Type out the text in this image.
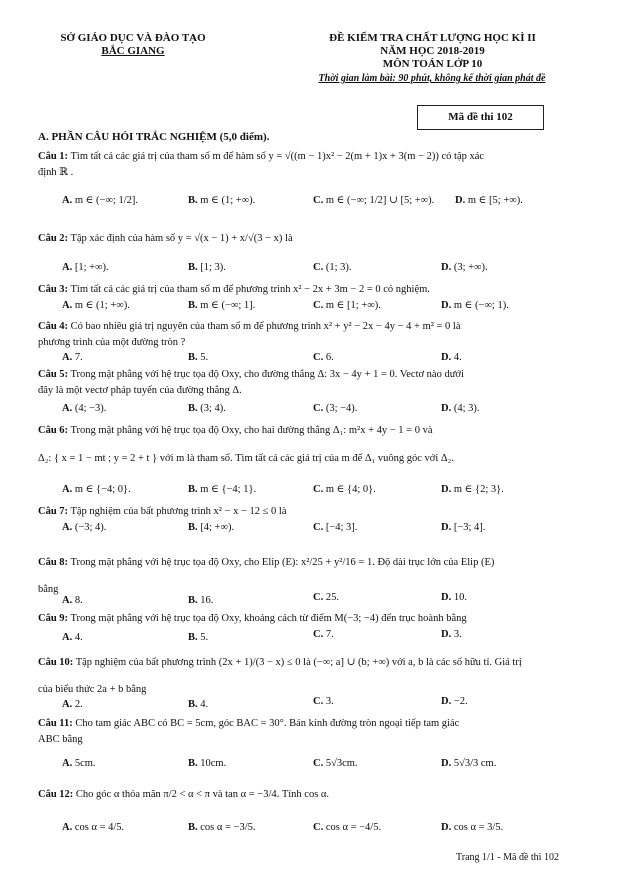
SỞ GIÁO DỤC VÀ ĐÀO TẠO
BẮC GIANG
ĐỀ KIỂM TRA CHẤT LƯỢNG HỌC KÌ II
NĂM HỌC 2018-2019
MÔN TOÁN LỚP 10
Thời gian làm bài: 90 phút, không kể thời gian phát đề
Mã đề thi 102
A. PHẦN CÂU HỎI TRẮC NGHIỆM (5,0 điểm).
Câu 1: Tìm tất cả các giá trị của tham số m để hàm số y = √((m − 1)x² − 2(m + 1)x + 3(m − 2)) có tập xác
định ℝ .
A. m ∈ (−∞; 1/2].	B. m ∈ (1; +∞).	C. m ∈ (−∞; 1/2] ∪ [5; +∞). D. m ∈ [5; +∞).
Câu 2: Tập xác định của hàm số y = √(x − 1) + x/√(3 − x) là
A. [1; +∞).	B. [1; 3).	C. (1; 3).	D. (3; +∞).
Câu 3: Tìm tất cả các giá trị của tham số m để phương trình x² − 2x + 3m − 2 = 0 có nghiệm.
A. m ∈ (1; +∞).	B. m ∈ (−∞; 1].	C. m ∈ [1; +∞).	D. m ∈ (−∞; 1).
Câu 4: Có bao nhiêu giá trị nguyên của tham số m để phương trình x² + y² − 2x − 4y − 4 + m² = 0 là
phương trình của một đường tròn ?
A. 7.	B. 5.	C. 6.	D. 4.
Câu 5: Trong mặt phẳng với hệ trục tọa độ Oxy, cho đường thẳng Δ: 3x − 4y + 1 = 0. Vectơ nào dưới
đây là một vectơ pháp tuyến của đường thẳng Δ.
A. (4; −3).	B. (3; 4).	C. (3; −4).	D. (4; 3).
Câu 6: Trong mặt phẳng với hệ trục tọa độ Oxy, cho hai đường thẳng Δ₁: m²x + 4y − 1 = 0 và
Δ₂: { x = 1 − mt ; y = 2 + t } với m là tham số. Tìm tất cả các giá trị của m để Δ₁ vuông góc với Δ₂.
A. m ∈ {−4; 0}.	B. m ∈ {−4; 1}.	C. m ∈ {4; 0}.	D. m ∈ {2; 3}.
Câu 7: Tập nghiệm của bất phương trình x² − x − 12 ≤ 0 là
A. (−3; 4).	B. [4; +∞).	C. [−4; 3].	D. [−3; 4].
Câu 8: Trong mặt phẳng với hệ trục tọa độ Oxy, cho Elip (E): x²/25 + y²/16 = 1. Độ dài trục lớn của Elip (E)
bằng
A. 8.	B. 16.	C. 25.	D. 10.
Câu 9: Trong mặt phẳng với hệ trục tọa độ Oxy, khoảng cách từ điểm M(−3; −4) đến trục hoành bằng
A. 4.	B. 5.	C. 7.	D. 3.
Câu 10: Tập nghiệm của bất phương trình (2x + 1)/(3 − x) ≤ 0 là (−∞; a] ∪ (b; +∞) với a, b là các số hữu tỉ. Giá trị
của biểu thức 2a + b bằng
A. 2.	B. 4.	C. 3.	D. −2.
Câu 11: Cho tam giác ABC có BC = 5cm, góc BAC = 30°. Bán kính đường tròn ngoại tiếp tam giác
ABC bằng
A. 5cm.	B. 10cm.	C. 5√3cm.	D. 5√3/3 cm.
Câu 12: Cho góc α thỏa mãn π/2 < α < π và tan α = −3/4. Tính cos α.
A. cos α = 4/5.	B. cos α = −3/5.	C. cos α = −4/5.	D. cos α = 3/5.
Trang 1/1 - Mã đề thi 102
